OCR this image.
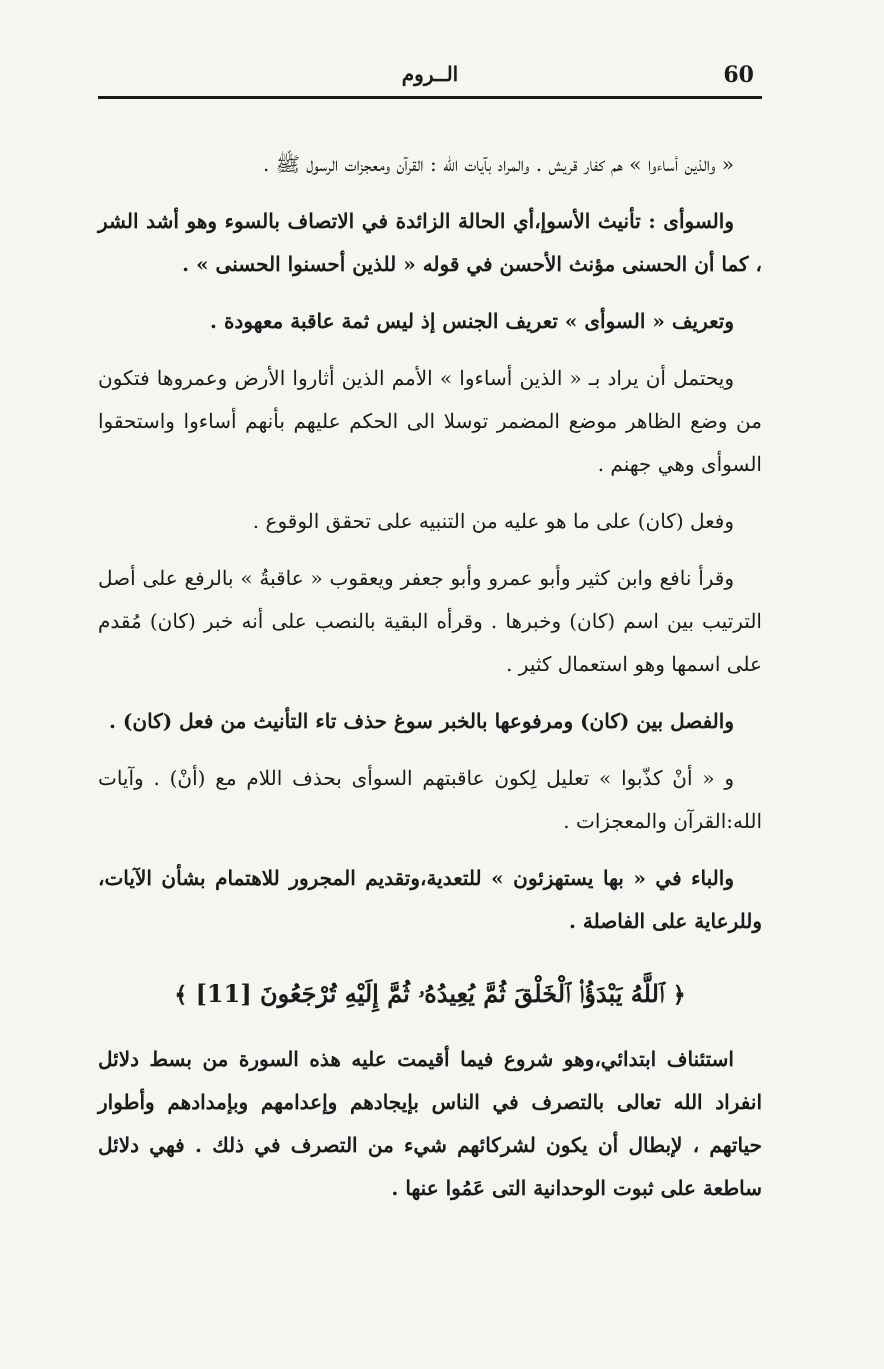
60
الــروم

« والذين أساءوا » هم كفار قريش . والمراد بآيات الله : القرآن ومعجزات الرسول ﷺ .

والسوأى : تأنيث الأسوإ،أي الحالة الزائدة في الاتصاف بالسوء وهو أشد الشر ، كما أن الحسنى مؤنث الأحسن في قوله « للذين أحسنوا الحسنى » .

وتعريف « السوأى » تعريف الجنس إذ ليس ثمة عاقبة معهودة .

ويحتمل أن يراد بـ « الذين أساءوا » الأمم الذين أثاروا الأرض وعمروها فتكون من وضع الظاهر موضع المضمر توسلا الى الحكم عليهم بأنهم أساءوا واستحقوا السوأى وهي جهنم .

وفعل (كان) على ما هو عليه من التنبيه على تحقق الوقوع .

وقرأ نافع وابن كثير وأبو عمرو وأبو جعفر ويعقوب « عاقبةُ » بالرفع على أصل الترتيب بين اسم (كان) وخبرها . وقرأه البقية بالنصب على أنه خبر (كان) مُقدم على اسمها وهو استعمال كثير .

والفصل بين (كان) ومرفوعها بالخبر سوغ حذف تاء التأنيث من فعل (كان) .

و « أنْ كذّبوا » تعليل لِكون عاقبتهم السوأى بحذف اللام مع (أنْ) . وآيات الله:القرآن والمعجزات .

والباء في « بها يستهزئون » للتعدية،وتقديم المجرور للاهتمام بشأن الآيات، وللرعاية على الفاصلة .

﴿ ٱللَّهُ يَبْدَؤُا۟ ٱلْخَلْقَ ثُمَّ يُعِيدُهُۥ ثُمَّ إِلَيْهِ تُرْجَعُونَ [11] ﴾

استئناف ابتدائي،وهو شروع فيما أقيمت عليه هذه السورة من بسط دلائل انفراد الله تعالى بالتصرف في الناس بإيجادهم وإعدامهم وبإمدادهم وأطوار حياتهم ، لإبطال أن يكون لشركائهم شيء من التصرف في ذلك . فهي دلائل ساطعة على ثبوت الوحدانية التى عَمُوا عنها .
